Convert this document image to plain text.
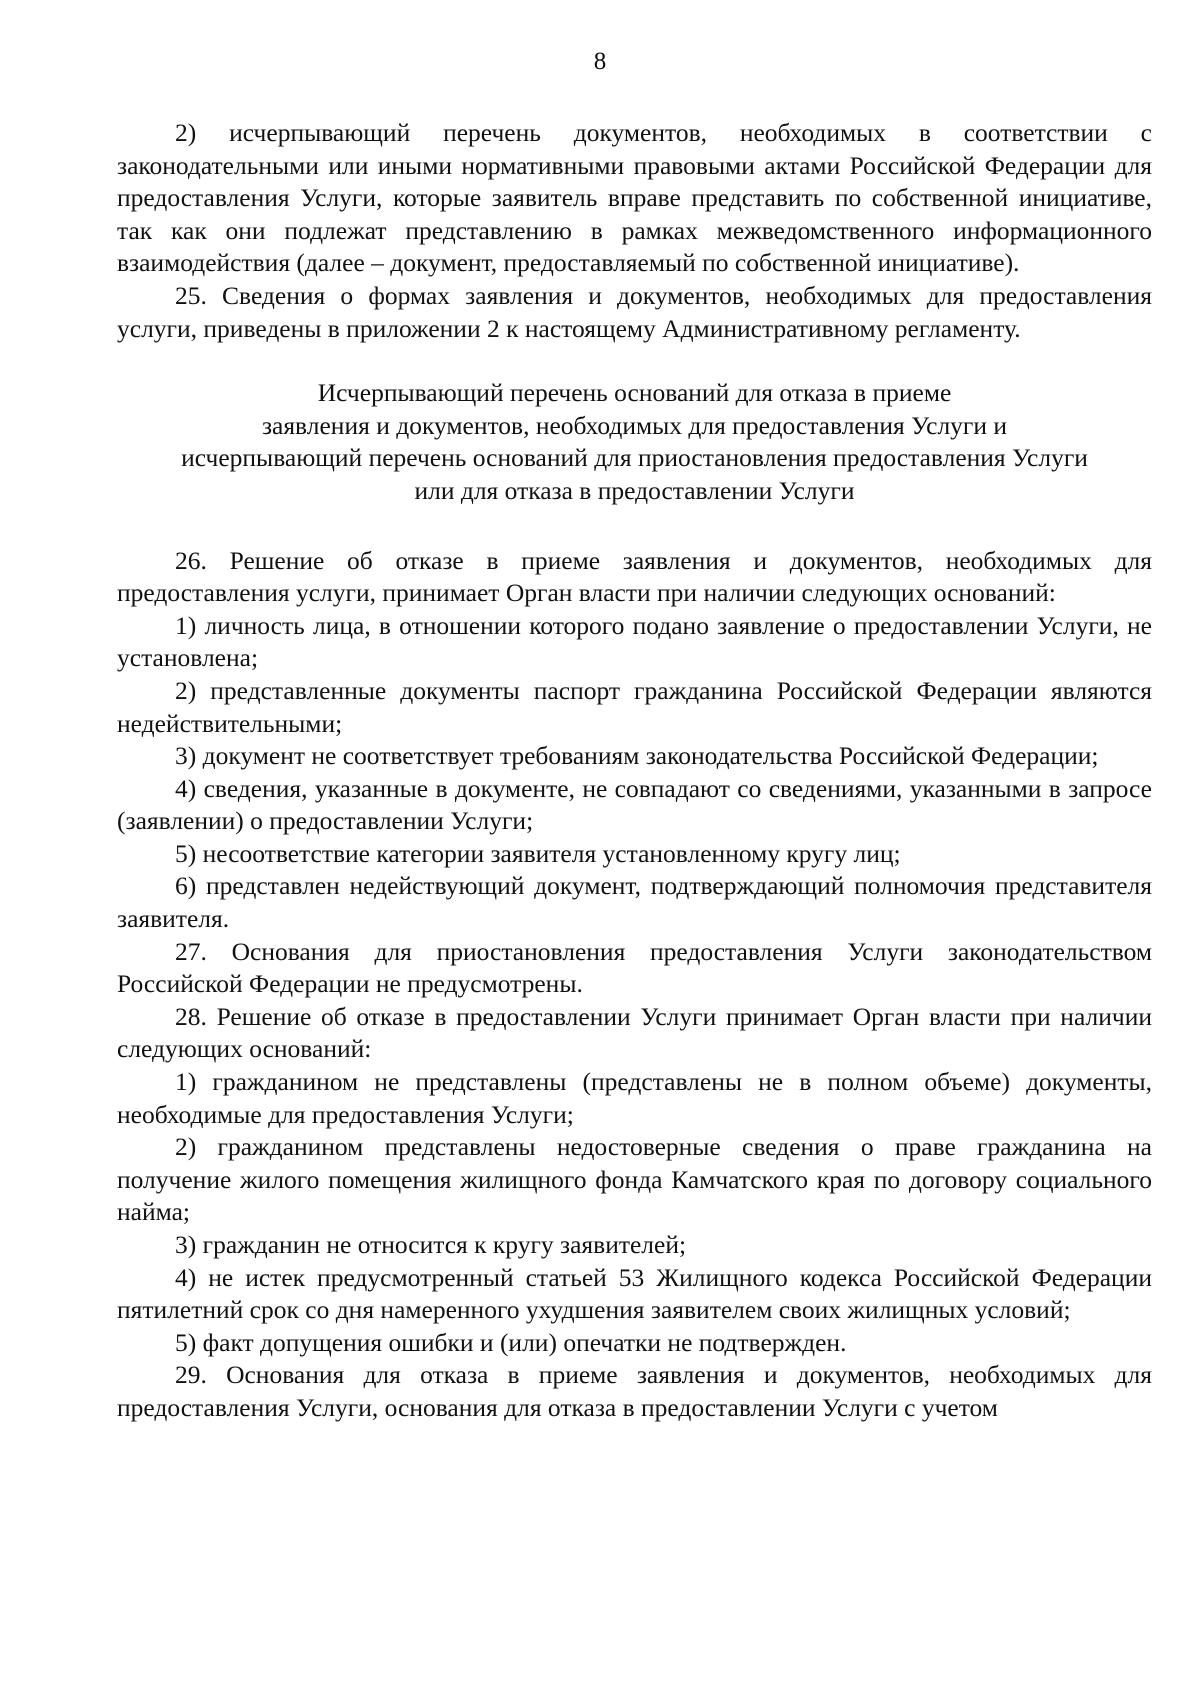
8

2) исчерпывающий перечень документов, необходимых в соответствии с законодательными или иными нормативными правовыми актами Российской Федерации для предоставления Услуги, которые заявитель вправе представить по собственной инициативе, так как они подлежат представлению в рамках межведомственного информационного взаимодействия (далее – документ, предоставляемый по собственной инициативе).

25. Сведения о формах заявления и документов, необходимых для предоставления услуги, приведены в приложении 2 к настоящему Административному регламенту.

Исчерпывающий перечень оснований для отказа в приеме
заявления и документов, необходимых для предоставления Услуги и
исчерпывающий перечень оснований для приостановления предоставления Услуги
или для отказа в предоставлении Услуги

26. Решение об отказе в приеме заявления и документов, необходимых для предоставления услуги, принимает Орган власти при наличии следующих оснований:

1) личность лица, в отношении которого подано заявление о предоставлении Услуги, не установлена;

2) представленные документы паспорт гражданина Российской Федерации являются недействительными;

3) документ не соответствует требованиям законодательства Российской Федерации;

4) сведения, указанные в документе, не совпадают со сведениями, указанными в запросе (заявлении) о предоставлении Услуги;

5) несоответствие категории заявителя установленному кругу лиц;

6) представлен недействующий документ, подтверждающий полномочия представителя заявителя.

27. Основания для приостановления предоставления Услуги законодательством Российской Федерации не предусмотрены.

28. Решение об отказе в предоставлении Услуги принимает Орган власти при наличии следующих оснований:

1) гражданином не представлены (представлены не в полном объеме) документы, необходимые для предоставления Услуги;

2) гражданином представлены недостоверные сведения о праве гражданина на получение жилого помещения жилищного фонда Камчатского края по договору социального найма;

3) гражданин не относится к кругу заявителей;

4) не истек предусмотренный статьей 53 Жилищного кодекса Российской Федерации пятилетний срок со дня намеренного ухудшения заявителем своих жилищных условий;

5) факт допущения ошибки и (или) опечатки не подтвержден.

29. Основания для отказа в приеме заявления и документов, необходимых для предоставления Услуги, основания для отказа в предоставлении Услуги с учетом
